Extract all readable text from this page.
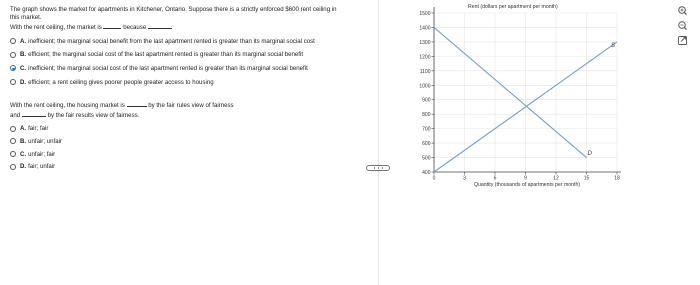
The graph shows the market for apartments in Kitchener, Ontario. Suppose there is a strictly enforced $600 rent ceiling in this market.

With the rent ceiling, the market is	because

A. inefficient; the marginal social benefit from the last apartment rented is greater than its marginal social cost
B. efficient; the marginal social cost of the last apartment rented is greater than its marginal social benefit
C. inefficient; the marginal social cost of the last apartment rented is greater than its marginal social benefit
D. efficient; a rent ceiling gives poorer people greater access to housing

With the rent ceiling, the housing market is	by the fair rules view of fairness

and	by the fair results view of fairness.

A. fair; fair
B. unfair; unfair
C. unfair; fair
D. fair; unfair
400
500
600
700
800
900
1000
1100
1200
1300
1400
1500
0	3	6	9	12	15	18
Rent (dollars per apartment per month)
Quantity (thousands of apartments per month)
S
D
